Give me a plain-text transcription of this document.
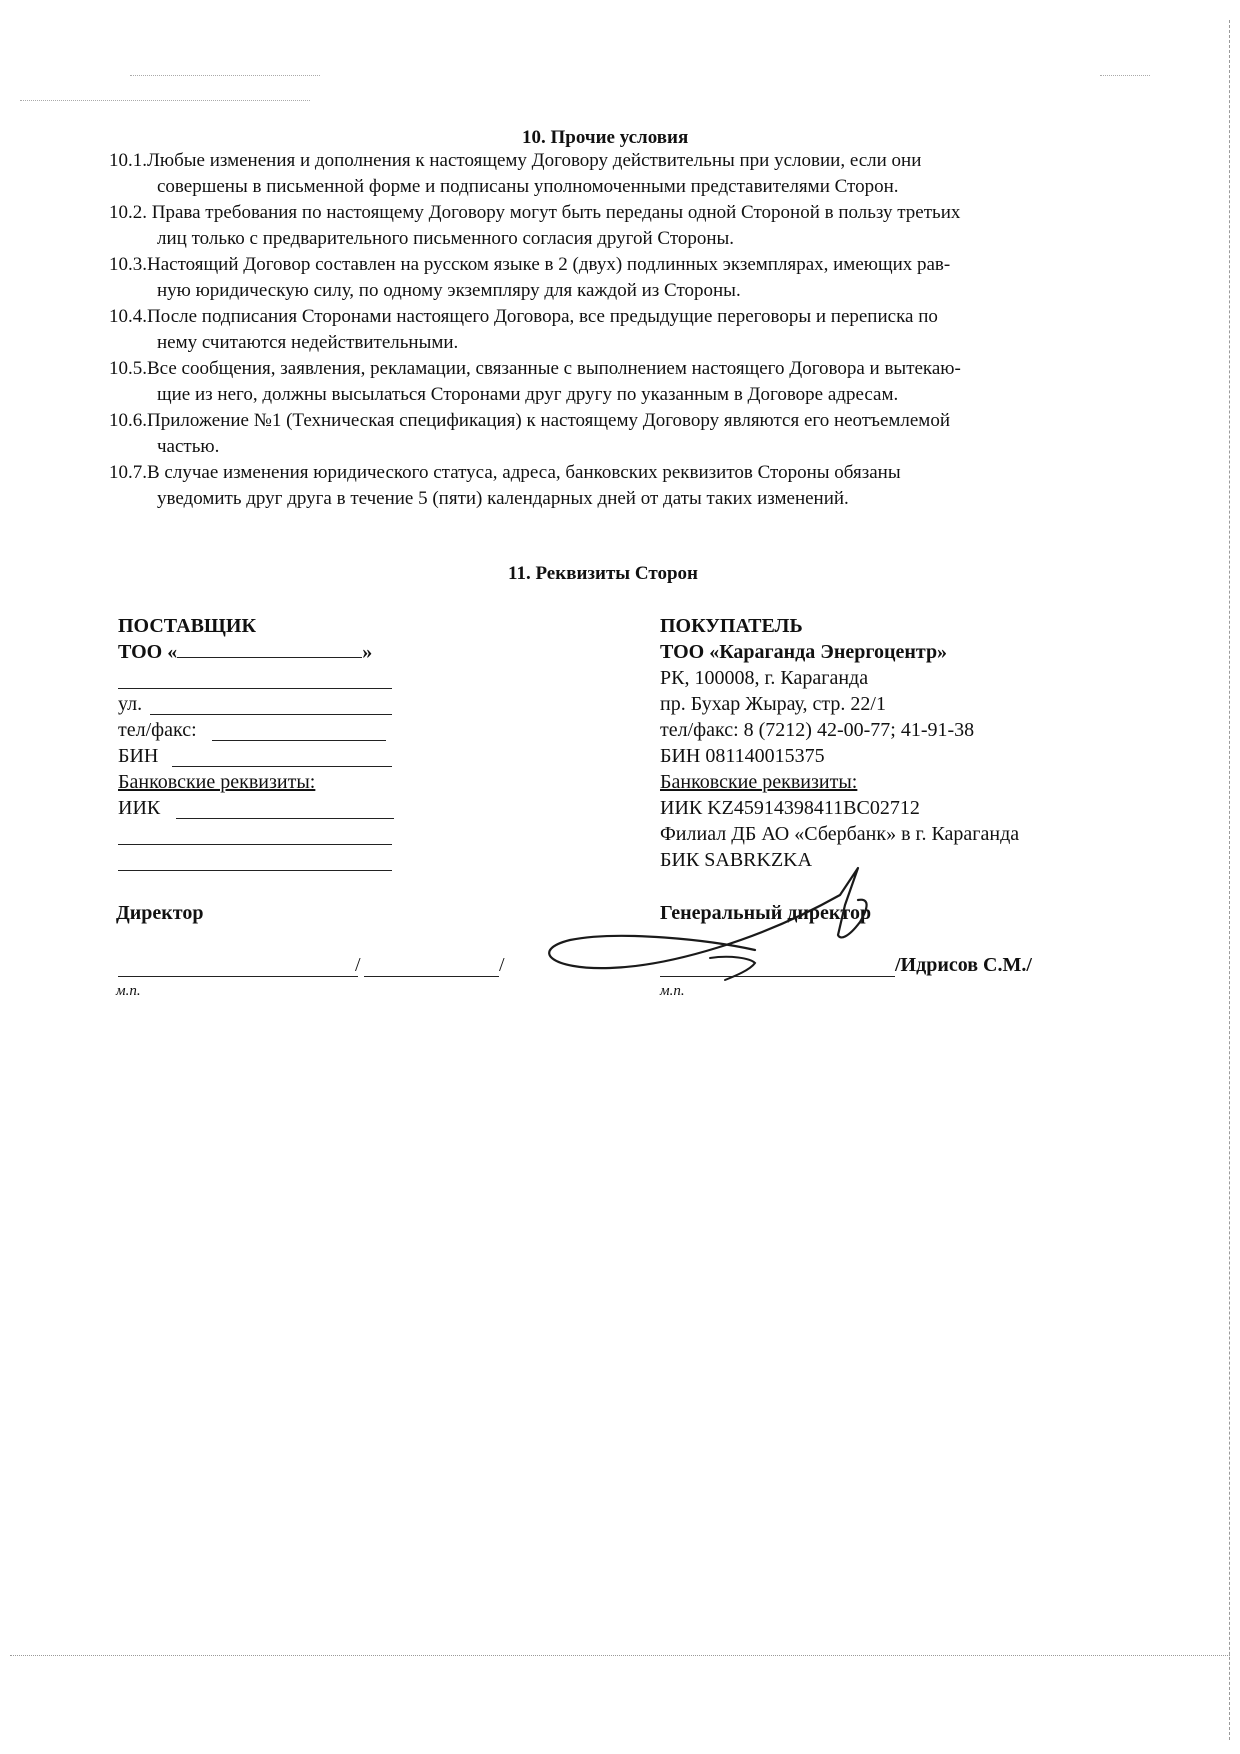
10. Прочие условия
10.1.Любые изменения и дополнения к настоящему Договору действительны при условии, если они
совершены в письменной форме и подписаны уполномоченными представителями Сторон.
10.2. Права требования по настоящему Договору могут быть переданы одной Стороной в пользу третьих
лиц только с предварительного письменного согласия другой Стороны.
10.3.Настоящий Договор составлен на русском языке в 2 (двух) подлинных экземплярах, имеющих рав-
ную юридическую силу, по одному экземпляру для каждой из Стороны.
10.4.После подписания Сторонами настоящего Договора, все предыдущие переговоры и переписка по
нему считаются недействительными.
10.5.Все сообщения, заявления, рекламации, связанные с выполнением настоящего Договора и вытекаю-
щие из него, должны высылаться Сторонами друг другу по указанным в Договоре адресам.
10.6.Приложение №1 (Техническая спецификация) к настоящему Договору являются его неотъемлемой
частью.
10.7.В случае изменения юридического статуса, адреса, банковских реквизитов Стороны обязаны
уведомить друг друга в течение 5 (пяти) календарных дней от даты таких изменений.
11. Реквизиты Сторон
ПОСТАВЩИК
ТОО «	»
ул.
тел/факс:
БИН
Банковские реквизиты:
ИИК
Директор
/	/
м.п.
ПОКУПАТЕЛЬ
ТОО «Караганда Энергоцентр»
РК, 100008, г. Караганда
пр. Бухар Жырау, стр. 22/1
тел/факс: 8 (7212) 42-00-77; 41-91-38
БИН 081140015375
Банковские реквизиты:
ИИК KZ45914398411BC02712
Филиал ДБ АО «Сбербанк» в г. Караганда
БИК SABRKZKA
Генеральный директор
/Идрисов С.М./
м.п.
